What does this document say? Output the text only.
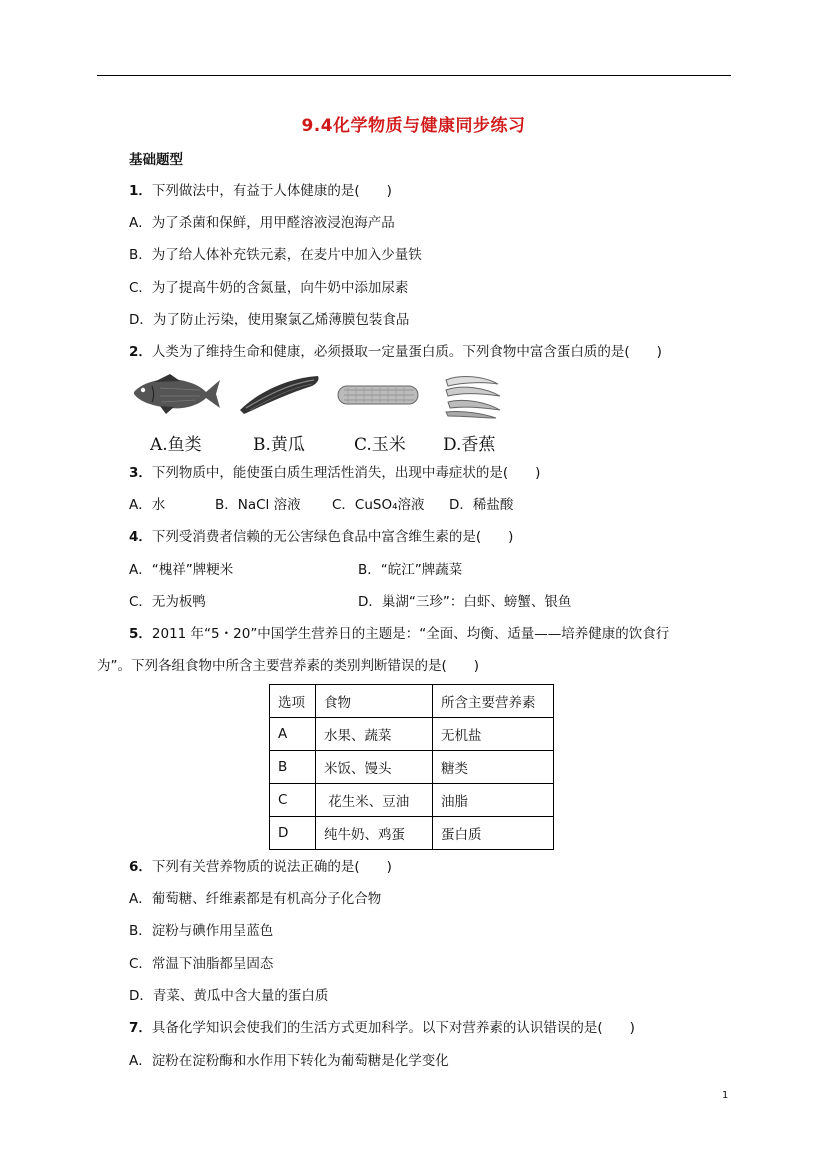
9.4化学物质与健康同步练习
基础题型
1．下列做法中，有益于人体健康的是(　　)
A．为了杀菌和保鲜，用甲醛溶液浸泡海产品
B．为了给人体补充铁元素，在麦片中加入少量铁
C．为了提高牛奶的含氮量，向牛奶中添加尿素
D．为了防止污染，使用聚氯乙烯薄膜包装食品
2．人类为了维持生命和健康，必须摄取一定量蛋白质。下列食物中富含蛋白质的是(　　)
A.鱼类	B.黄瓜	C.玉米 D.香蕉
3．下列物质中，能使蛋白质生理活性消失，出现中毒症状的是(　　)
A．水	B．NaCl 溶液 C．CuSO₄溶液 D．稀盐酸
4．下列受消费者信赖的无公害绿色食品中富含维生素的是(　　)
A．“槐祥”牌粳米	B．“皖江”牌蔬菜
C．无为板鸭	D．巢湖“三珍”：白虾、螃蟹、银鱼
5．2011 年“5・20”中国学生营养日的主题是：“全面、均衡、适量——培养健康的饮食行
为”。下列各组食物中所含主要营养素的类别判断错误的是(　　)
选项	食物	所含主要营养素
A	水果、蔬菜	无机盐
B	米饭、馒头	糖类
C	花生米、豆油	油脂
D	纯牛奶、鸡蛋	蛋白质
6．下列有关营养物质的说法正确的是(　　)
A．葡萄糖、纤维素都是有机高分子化合物
B．淀粉与碘作用呈蓝色
C．常温下油脂都呈固态
D．青菜、黄瓜中含大量的蛋白质
7．具备化学知识会使我们的生活方式更加科学。以下对营养素的认识错误的是(　　)
A．淀粉在淀粉酶和水作用下转化为葡萄糖是化学变化
1
